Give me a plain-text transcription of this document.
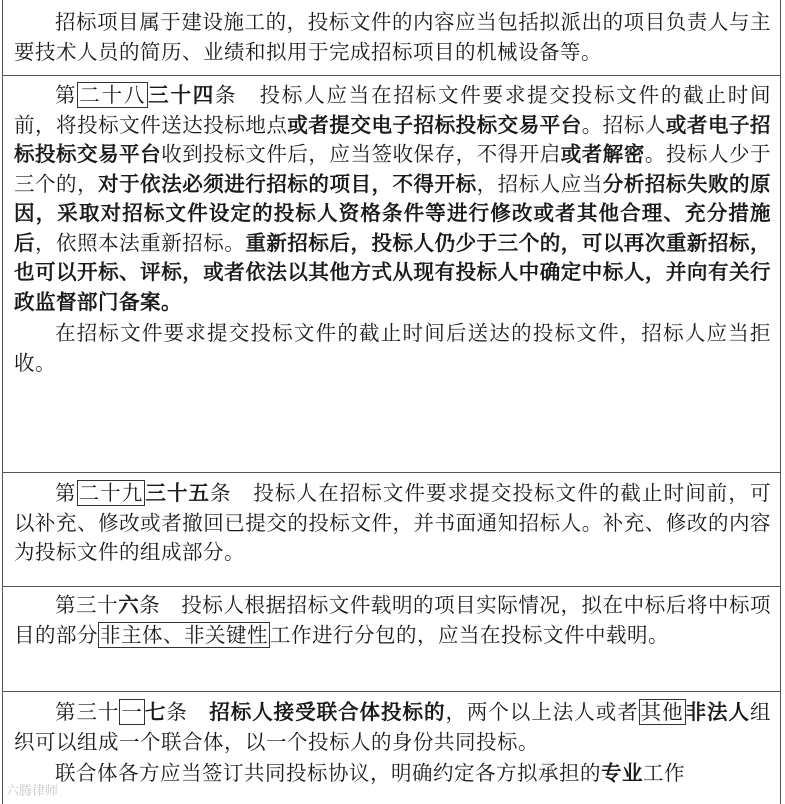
招标项目属于建设施工的，投标文件的内容应当包括拟派出的项目负责人与主要技术人员的简历、业绩和拟用于完成招标项目的机械设备等。

第二十八三十四条　 投标人应当在招标文件要求提交投标文件的截止时间前，将投标文件送达投标地点或者提交电子招标投标交易平台。招标人或者电子招标投标交易平台收到投标文件后，应当签收保存，不得开启或者解密。投标人少于三个的，对于依法必须进行招标的项目，不得开标，招标人应当分析招标失败的原因，采取对招标文件设定的投标人资格条件等进行修改或者其他合理、充分措施后，依照本法重新招标。重新招标后，投标人仍少于三个的，可以再次重新招标，也可以开标、评标，或者依法以其他方式从现有投标人中确定中标人，并向有关行政监督部门备案。

在招标文件要求提交投标文件的截止时间后送达的投标文件，招标人应当拒收。

第二十九三十五条　 投标人在招标文件要求提交投标文件的截止时间前，可以补充、修改或者撤回已提交的投标文件，并书面通知招标人。补充、修改的内容为投标文件的组成部分。

第三十六条　 投标人根据招标文件载明的项目实际情况，拟在中标后将中标项目的部分非主体、非关键性工作进行分包的，应当在投标文件中载明。

第三十一七条　 招标人接受联合体投标的，两个以上法人或者其他非法人组织可以组成一个联合体，以一个投标人的身份共同投标。

联合体各方应当签订共同投标协议，明确约定各方拟承担的专业工作

六腾律师
